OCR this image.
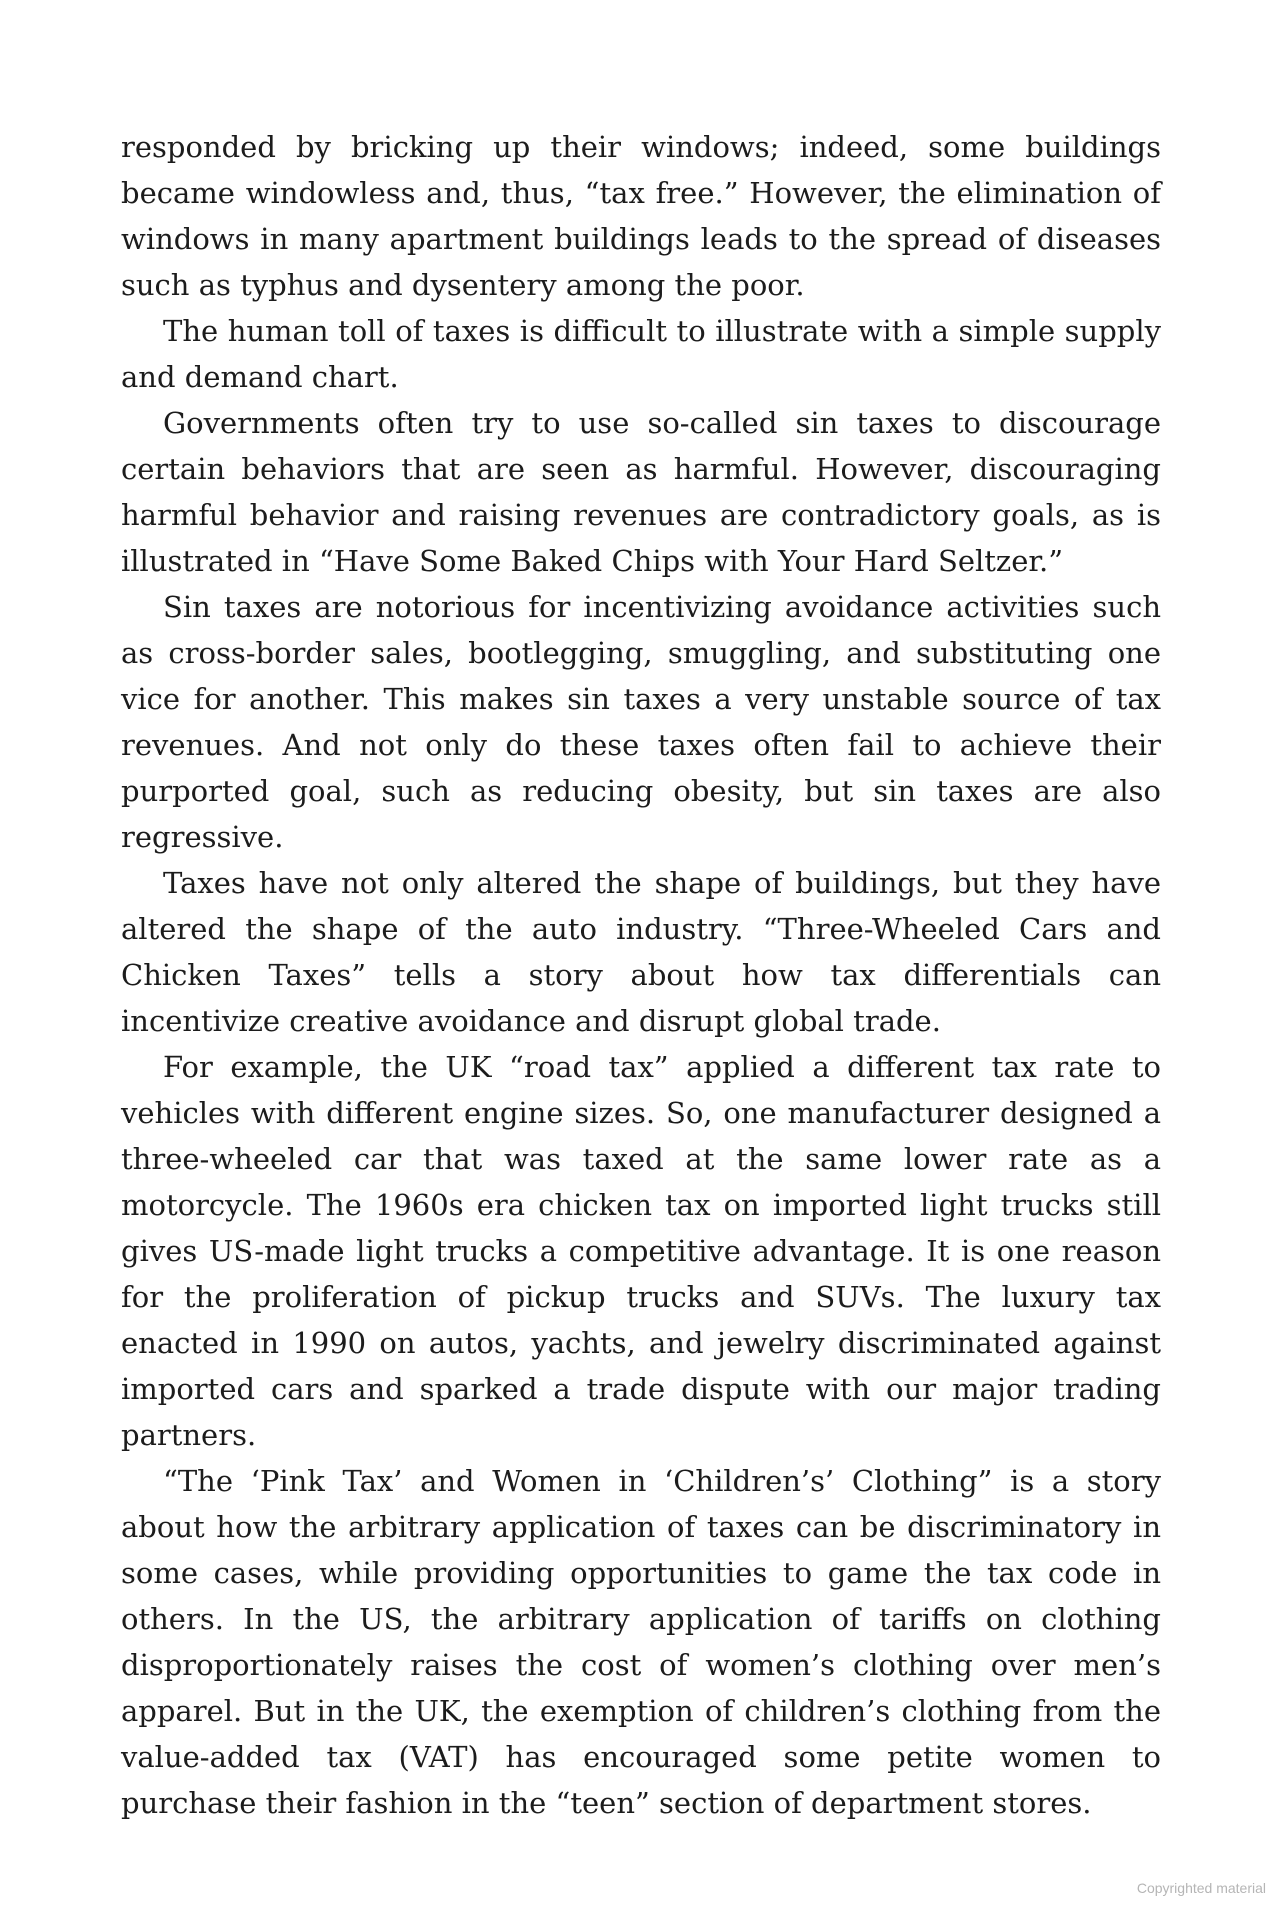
responded by bricking up their windows; indeed, some buildings became windowless and, thus, “tax free.” However, the elimination of windows in many apartment buildings leads to the spread of diseases such as typhus and dysentery among the poor.

The human toll of taxes is difficult to illustrate with a simple supply and demand chart.

Governments often try to use so-called sin taxes to discourage certain behaviors that are seen as harmful. However, discouraging harmful behavior and raising revenues are contradictory goals, as is illustrated in “Have Some Baked Chips with Your Hard Seltzer.”

Sin taxes are notorious for incentivizing avoidance activities such as cross-border sales, bootlegging, smuggling, and substituting one vice for another. This makes sin taxes a very unstable source of tax revenues. And not only do these taxes often fail to achieve their purported goal, such as reducing obesity, but sin taxes are also regressive.

Taxes have not only altered the shape of buildings, but they have altered the shape of the auto industry. “Three-Wheeled Cars and Chicken Taxes” tells a story about how tax differentials can incentivize creative avoidance and disrupt global trade.

For example, the UK “road tax” applied a different tax rate to vehicles with different engine sizes. So, one manufacturer designed a three-wheeled car that was taxed at the same lower rate as a motorcycle. The 1960s era chicken tax on imported light trucks still gives US-made light trucks a competitive advantage. It is one reason for the proliferation of pickup trucks and SUVs. The luxury tax enacted in 1990 on autos, yachts, and jewelry discriminated against imported cars and sparked a trade dispute with our major trading partners.

“The ‘Pink Tax’ and Women in ‘Children’s’ Clothing” is a story about how the arbitrary application of taxes can be discriminatory in some cases, while providing opportunities to game the tax code in others. In the US, the arbitrary application of tariffs on clothing disproportionately raises the cost of women’s clothing over men’s apparel. But in the UK, the exemption of children’s clothing from the value-added tax (VAT) has encouraged some petite women to purchase their fashion in the “teen” section of department stores.

Copyrighted material
